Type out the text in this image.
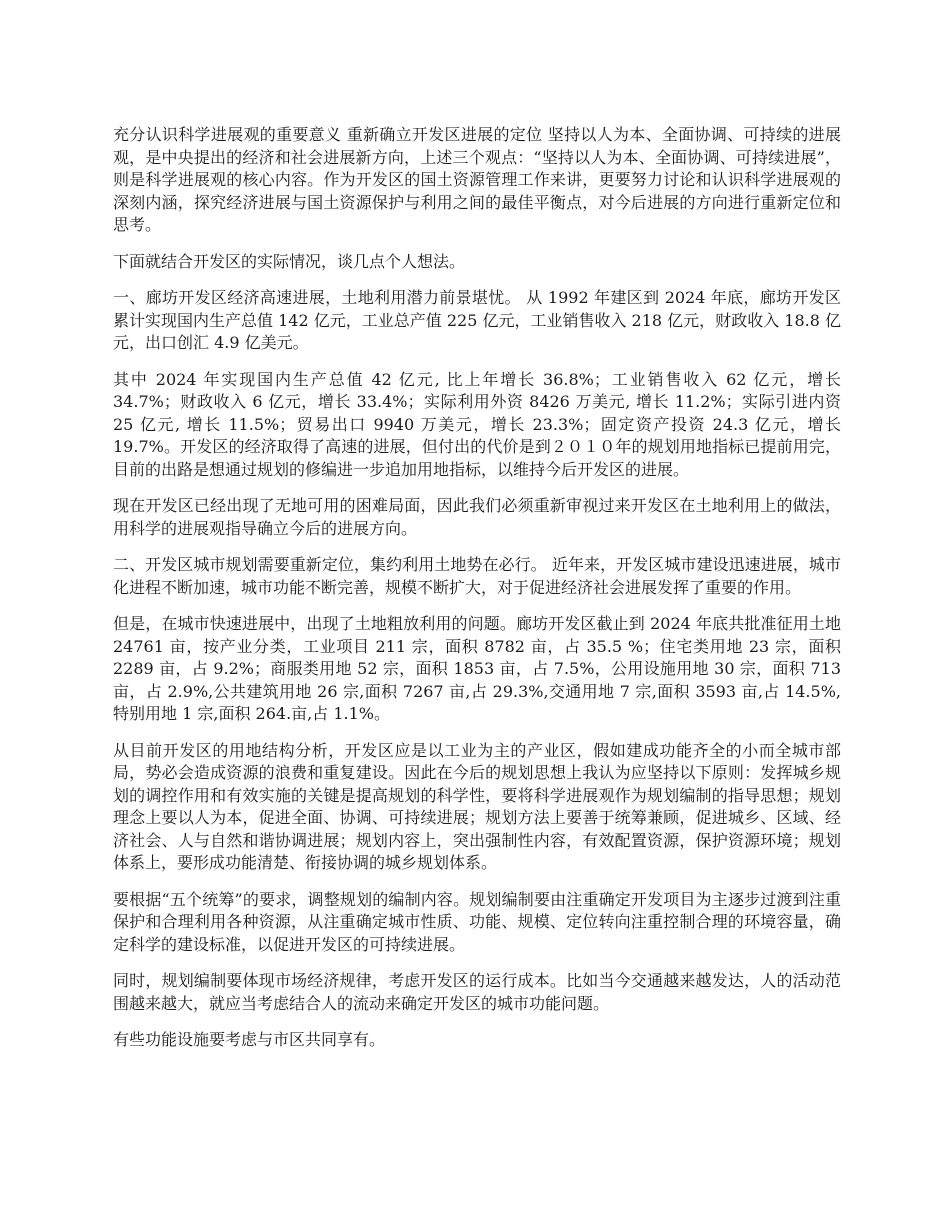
充分认识科学进展观的重要意义 重新确立开发区进展的定位 坚持以人为本、全面协调、可持续的进展观，是中央提出的经济和社会进展新方向，上述三个观点：“坚持以人为本、全面协调、可持续进展”，则是科学进展观的核心内容。作为开发区的国土资源管理工作来讲，更要努力讨论和认识科学进展观的深刻内涵，探究经济进展与国土资源保护与利用之间的最佳平衡点，对今后进展的方向进行重新定位和思考。

下面就结合开发区的实际情况，谈几点个人想法。

一、廊坊开发区经济高速进展，土地利用潜力前景堪忧。 从 1992 年建区到 2024 年底，廊坊开发区累计实现国内生产总值 142 亿元，工业总产值 225 亿元，工业销售收入 218 亿元，财政收入 18.8 亿元，出口创汇 4.9 亿美元。

其中 2024 年实现国内生产总值 42 亿元, 比上年增长 36.8%；工业销售收入 62 亿元，增长 34.7%；财政收入 6 亿元，增长 33.4%；实际利用外资 8426 万美元, 增长 11.2%；实际引进内资 25 亿元, 增长 11.5%；贸易出口 9940 万美元，增长 23.3%；固定资产投资 24.3 亿元，增长 19.7%。开发区的经济取得了高速的进展，但付出的代价是到２０１０年的规划用地指标已提前用完，目前的出路是想通过规划的修编进一步追加用地指标，以维持今后开发区的进展。

现在开发区已经出现了无地可用的困难局面，因此我们必须重新审视过来开发区在土地利用上的做法，用科学的进展观指导确立今后的进展方向。

二、开发区城市规划需要重新定位，集约利用土地势在必行。 近年来，开发区城市建设迅速进展，城市化进程不断加速，城市功能不断完善，规模不断扩大，对于促进经济社会进展发挥了重要的作用。

但是，在城市快速进展中，出现了土地粗放利用的问题。廊坊开发区截止到 2024 年底共批准征用土地 24761 亩，按产业分类，工业项目 211 宗，面积 8782 亩，占 35.5 %；住宅类用地 23 宗，面积 2289 亩，占 9.2%；商服类用地 52 宗，面积 1853 亩，占 7.5%，公用设施用地 30 宗，面积 713 亩，占 2.9%,公共建筑用地 26 宗,面积 7267 亩,占 29.3%,交通用地 7 宗,面积 3593 亩,占 14.5%,特别用地 1 宗,面积 264.亩,占 1.1%。

从目前开发区的用地结构分析，开发区应是以工业为主的产业区，假如建成功能齐全的小而全城市部局，势必会造成资源的浪费和重复建设。因此在今后的规划思想上我认为应坚持以下原则：发挥城乡规划的调控作用和有效实施的关键是提高规划的科学性，要将科学进展观作为规划编制的指导思想；规划理念上要以人为本，促进全面、协调、可持续进展；规划方法上要善于统筹兼顾，促进城乡、区域、经济社会、人与自然和谐协调进展；规划内容上，突出强制性内容，有效配置资源，保护资源环境；规划体系上，要形成功能清楚、衔接协调的城乡规划体系。

要根据“五个统筹”的要求，调整规划的编制内容。规划编制要由注重确定开发项目为主逐步过渡到注重保护和合理利用各种资源，从注重确定城市性质、功能、规模、定位转向注重控制合理的环境容量，确定科学的建设标准，以促进开发区的可持续进展。

同时，规划编制要体现市场经济规律，考虑开发区的运行成本。比如当今交通越来越发达，人的活动范围越来越大，就应当考虑结合人的流动来确定开发区的城市功能问题。

有些功能设施要考虑与市区共同享有。
